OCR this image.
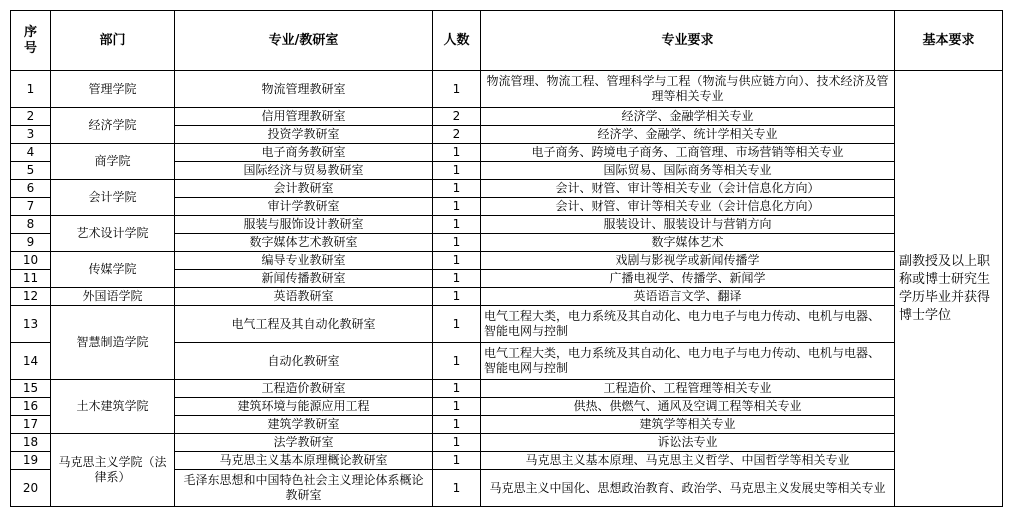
序号	部门	专业/教研室	人数	专业要求	基本要求
1	管理学院	物流管理教研室	1	物流管理、物流工程、管理科学与工程（物流与供应链方向）、技术经济及管理等相关专业	副教授及以上职称或博士研究生学历毕业并获得博士学位
2	经济学院	信用管理教研室	2	经济学、金融学相关专业	
3		投资学教研室	2	经济学、金融学、统计学相关专业	
4	商学院	电子商务教研室	1	电子商务、跨境电子商务、工商管理、市场营销等相关专业	
5		国际经济与贸易教研室	1	国际贸易、国际商务等相关专业	
6	会计学院	会计教研室	1	会计、财管、审计等相关专业（会计信息化方向）	
7		审计学教研室	1	会计、财管、审计等相关专业（会计信息化方向）	
8	艺术设计学院	服装与服饰设计教研室	1	服装设计、服装设计与营销方向	
9		数字媒体艺术教研室	1	数字媒体艺术	
10	传媒学院	编导专业教研室	1	戏剧与影视学或新闻传播学	
11		新闻传播教研室	1	广播电视学、传播学、新闻学	
12	外国语学院	英语教研室	1	英语语言文学、翻译	
13	智慧制造学院	电气工程及其自动化教研室	1	电气工程大类，电力系统及其自动化、电力电子与电力传动、电机与电器、智能电网与控制	
14		自动化教研室	1	电气工程大类，电力系统及其自动化、电力电子与电力传动、电机与电器、智能电网与控制	
15	土木建筑学院	工程造价教研室	1	工程造价、工程管理等相关专业	
16		建筑环境与能源应用工程	1	供热、供燃气、通风及空调工程等相关专业	
17		建筑学教研室	1	建筑学等相关专业	
18	马克思主义学院（法律系）	法学教研室	1	诉讼法专业	
19		马克思主义基本原理概论教研室	1	马克思主义基本原理、马克思主义哲学、中国哲学等相关专业	
20		毛泽东思想和中国特色社会主义理论体系概论教研室	1	马克思主义中国化、思想政治教育、政治学、马克思主义发展史等相关专业	
